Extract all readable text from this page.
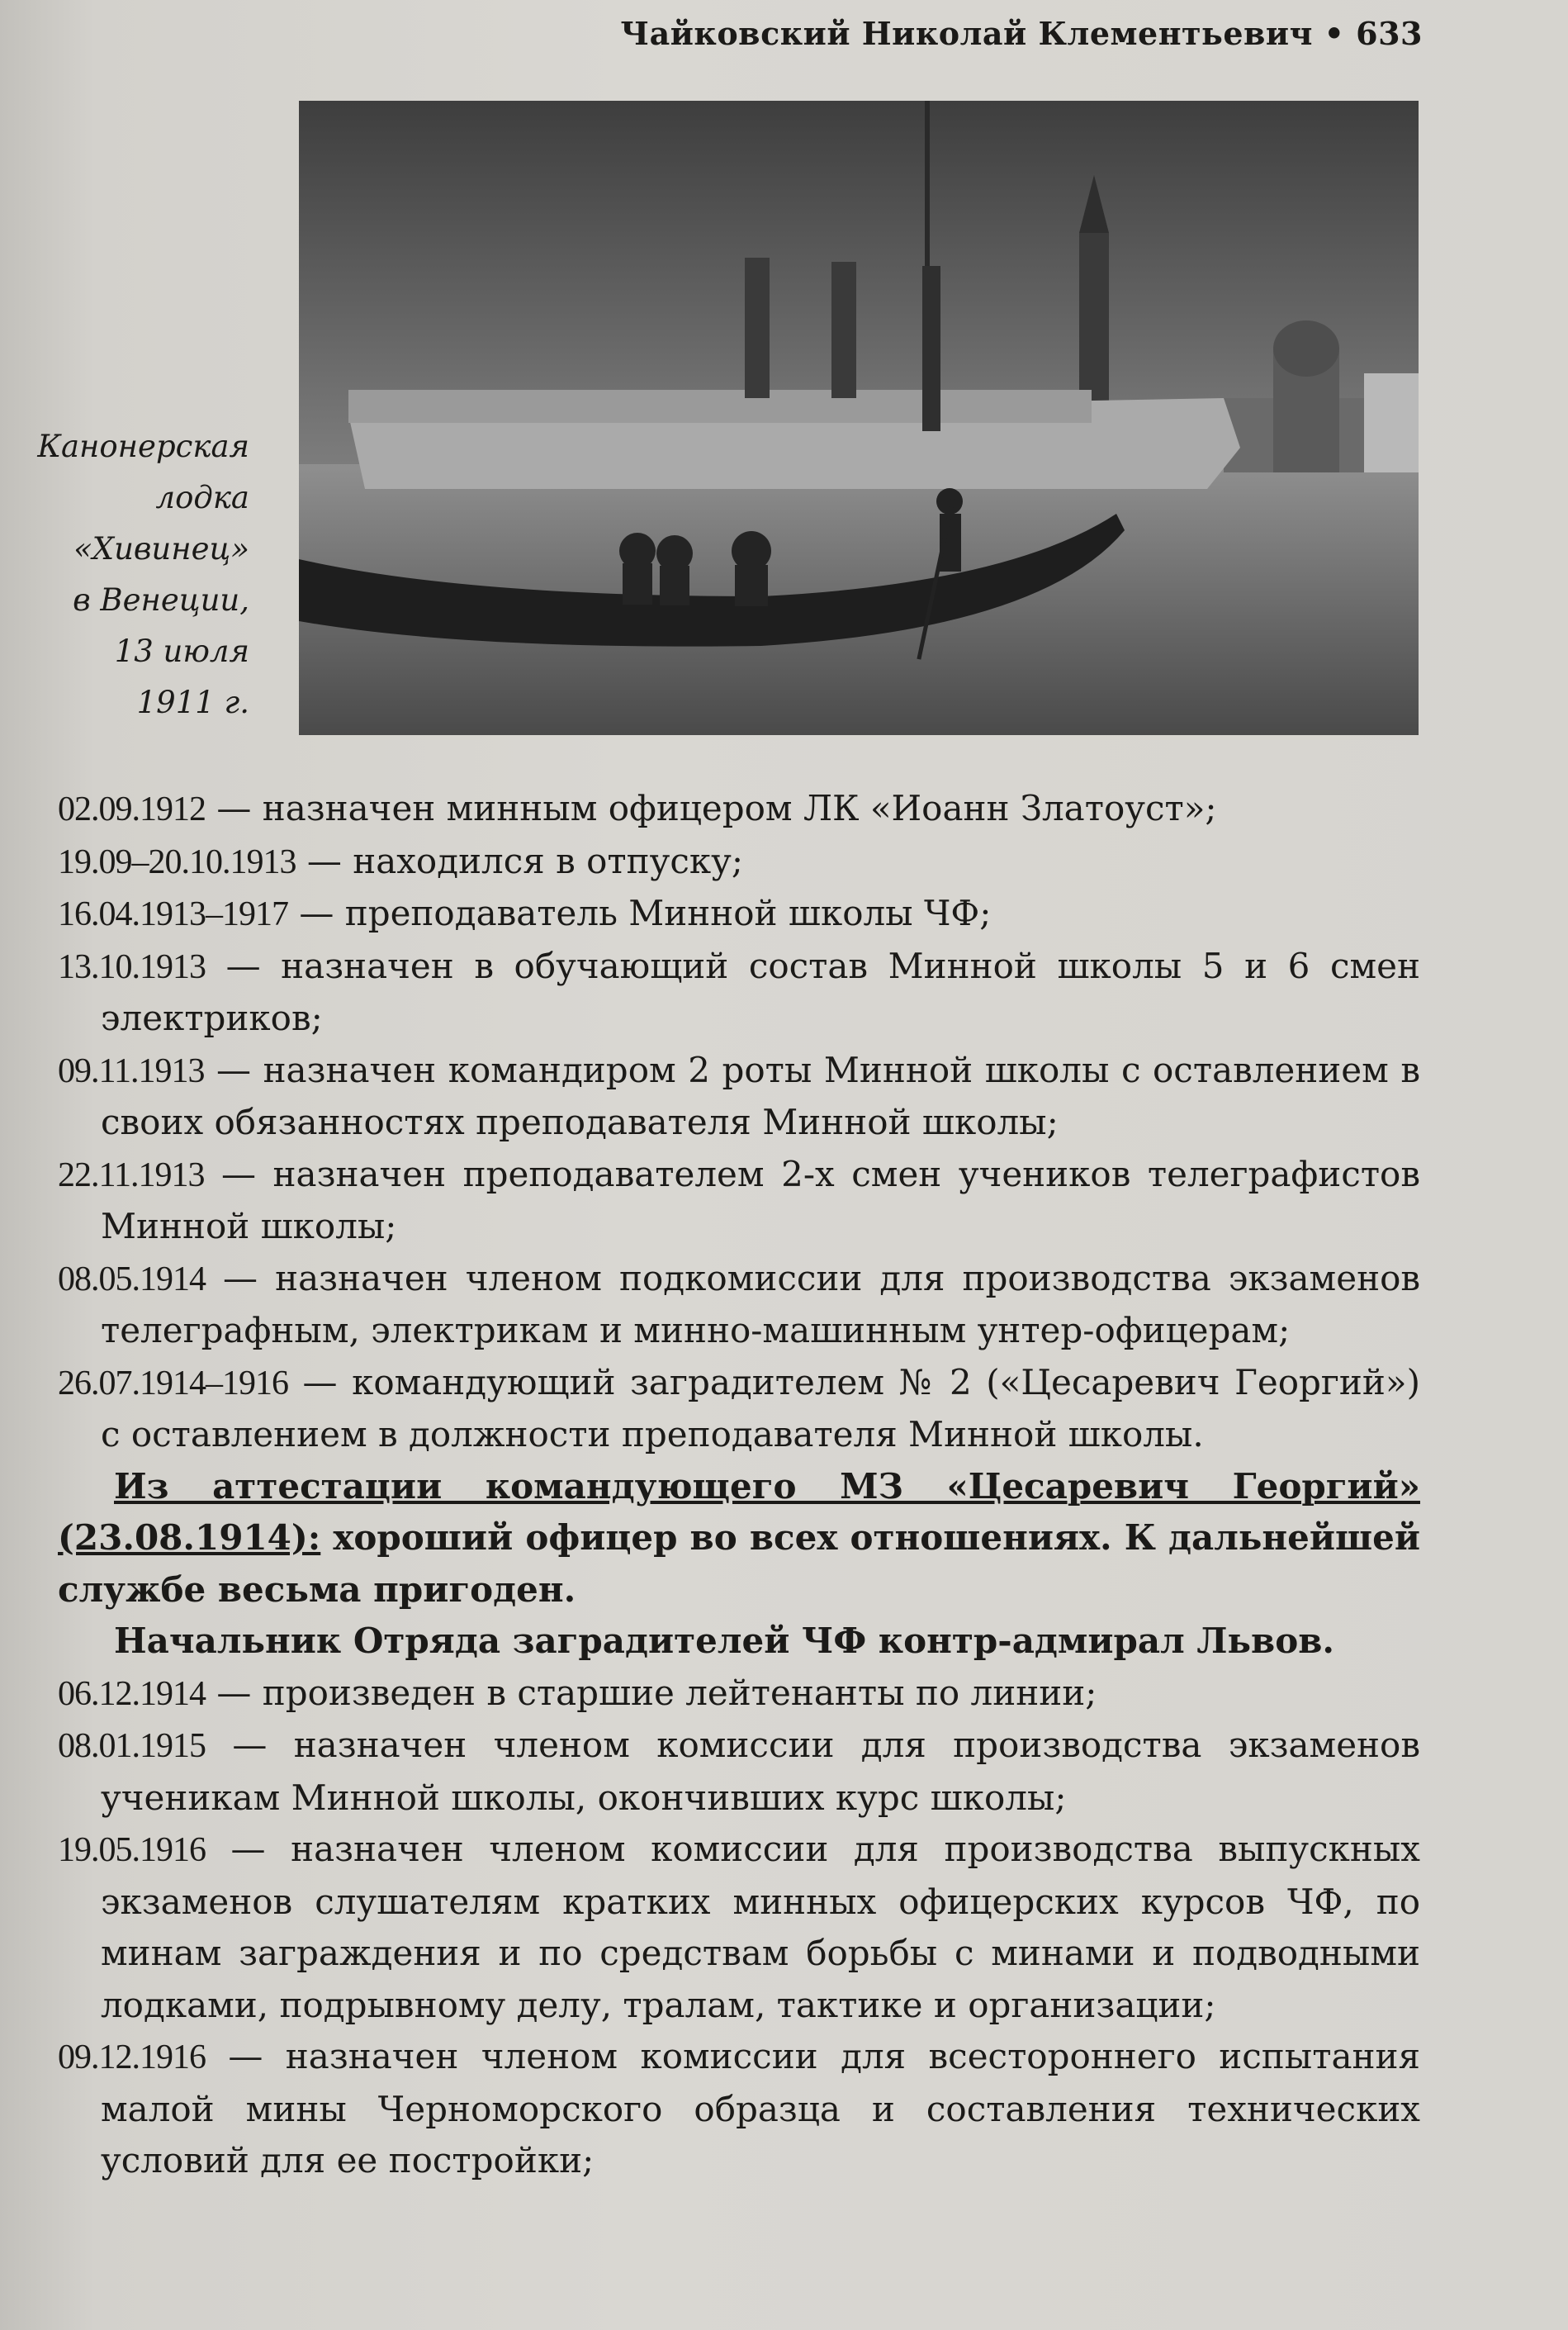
Чайковский Николай Клементьевич • 633
Канонерская
лодка
«Хивинец»
в Венеции,
13 июля
1911 г.
02.09.1912 — назначен минным офицером ЛК «Иоанн Златоуст»;
19.09–20.10.1913 — находился в отпуску;
16.04.1913–1917 — преподаватель Минной школы ЧФ;
13.10.1913 — назначен в обучающий состав Минной школы 5 и 6 смен электриков;
09.11.1913 — назначен командиром 2 роты Минной школы с оставлением в своих обязанностях преподавателя Минной школы;
22.11.1913 — назначен преподавателем 2-х смен учеников телеграфистов Минной школы;
08.05.1914 — назначен членом подкомиссии для производства экзаменов телеграфным, электрикам и минно-машинным унтер-офицерам;
26.07.1914–1916 — командующий заградителем № 2 («Цесаревич Георгий») с оставлением в должности преподавателя Минной школы.
Из аттестации командующего МЗ «Цесаревич Георгий» (23.08.1914): хороший офицер во всех отношениях. К дальнейшей службе весьма пригоден.
Начальник Отряда заградителей ЧФ контр-адмирал Львов.
06.12.1914 — произведен в старшие лейтенанты по линии;
08.01.1915 — назначен членом комиссии для производства экзаменов ученикам Минной школы, окончивших курс школы;
19.05.1916 — назначен членом комиссии для производства выпускных экзаменов слушателям кратких минных офицерских курсов ЧФ, по минам заграждения и по средствам борьбы с минами и подводными лодками, подрывному делу, тралам, тактике и организации;
09.12.1916 — назначен членом комиссии для всестороннего испытания малой мины Черноморского образца и составления технических условий для ее постройки;
